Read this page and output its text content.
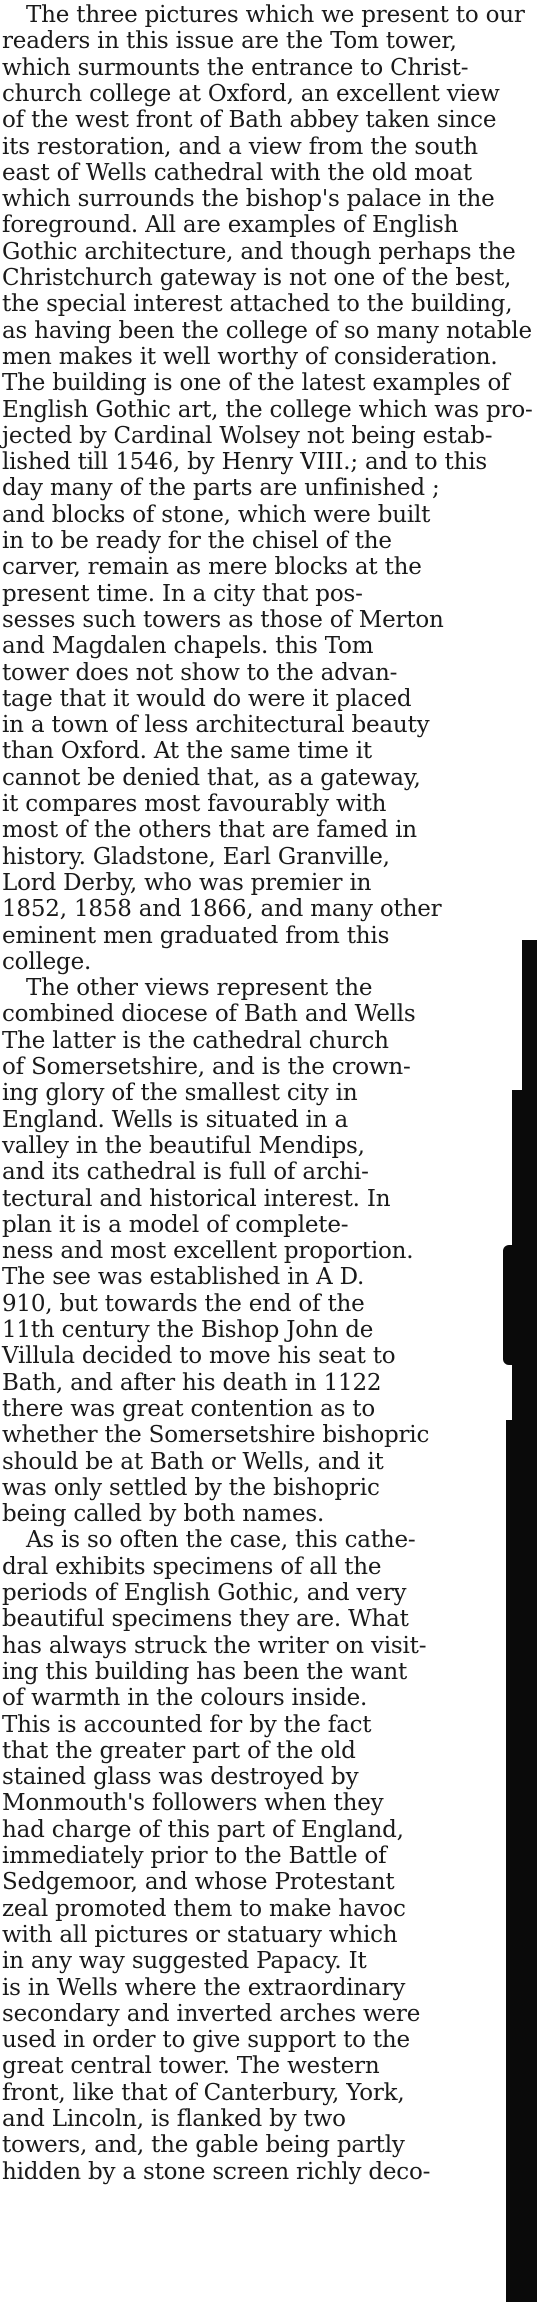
The three pictures which we present to our
readers in this issue are the Tom tower,
which surmounts the entrance to Christ-
church college at Oxford, an excellent view
of the west front of Bath abbey taken since
its restoration, and a view from the south
east of Wells cathedral with the old moat
which surrounds the bishop's palace in the
foreground. All are examples of English
Gothic architecture, and though perhaps the
Christchurch gateway is not one of the best,
the special interest attached to the building,
as having been the college of so many notable
men makes it well worthy of consideration.
The building is one of the latest examples of
English Gothic art, the college which was pro-
jected by Cardinal Wolsey not being estab-
lished till 1546, by Henry VIII.; and to this
day many of the parts are unfinished ;
and blocks of stone, which were built
in to be ready for the chisel of the
carver, remain as mere blocks at the
present time. In a city that pos-
sesses such towers as those of Merton
and Magdalen chapels. this Tom
tower does not show to the advan-
tage that it would do were it placed
in a town of less architectural beauty
than Oxford. At the same time it
cannot be denied that, as a gateway,
it compares most favourably with
most of the others that are famed in
history. Gladstone, Earl Granville,
Lord Derby, who was premier in
1852, 1858 and 1866, and many other
eminent men graduated from this
college.
The other views represent the
combined diocese of Bath and Wells
The latter is the cathedral church
of Somersetshire, and is the crown-
ing glory of the smallest city in
England. Wells is situated in a
valley in the beautiful Mendips,
and its cathedral is full of archi-
tectural and historical interest. In
plan it is a model of complete-
ness and most excellent proportion.
The see was established in A D.
910, but towards the end of the
11th century the Bishop John de
Villula decided to move his seat to
Bath, and after his death in 1122
there was great contention as to
whether the Somersetshire bishopric
should be at Bath or Wells, and it
was only settled by the bishopric
being called by both names.
As is so often the case, this cathe-
dral exhibits specimens of all the
periods of English Gothic, and very
beautiful specimens they are. What
has always struck the writer on visit-
ing this building has been the want
of warmth in the colours inside.
This is accounted for by the fact
that the greater part of the old
stained glass was destroyed by
Monmouth's followers when they
had charge of this part of England,
immediately prior to the Battle of
Sedgemoor, and whose Protestant
zeal promoted them to make havoc
with all pictures or statuary which
in any way suggested Papacy. It
is in Wells where the extraordinary
secondary and inverted arches were
used in order to give support to the
great central tower. The western
front, like that of Canterbury, York,
and Lincoln, is flanked by two
towers, and, the gable being partly
hidden by a stone screen richly deco-
